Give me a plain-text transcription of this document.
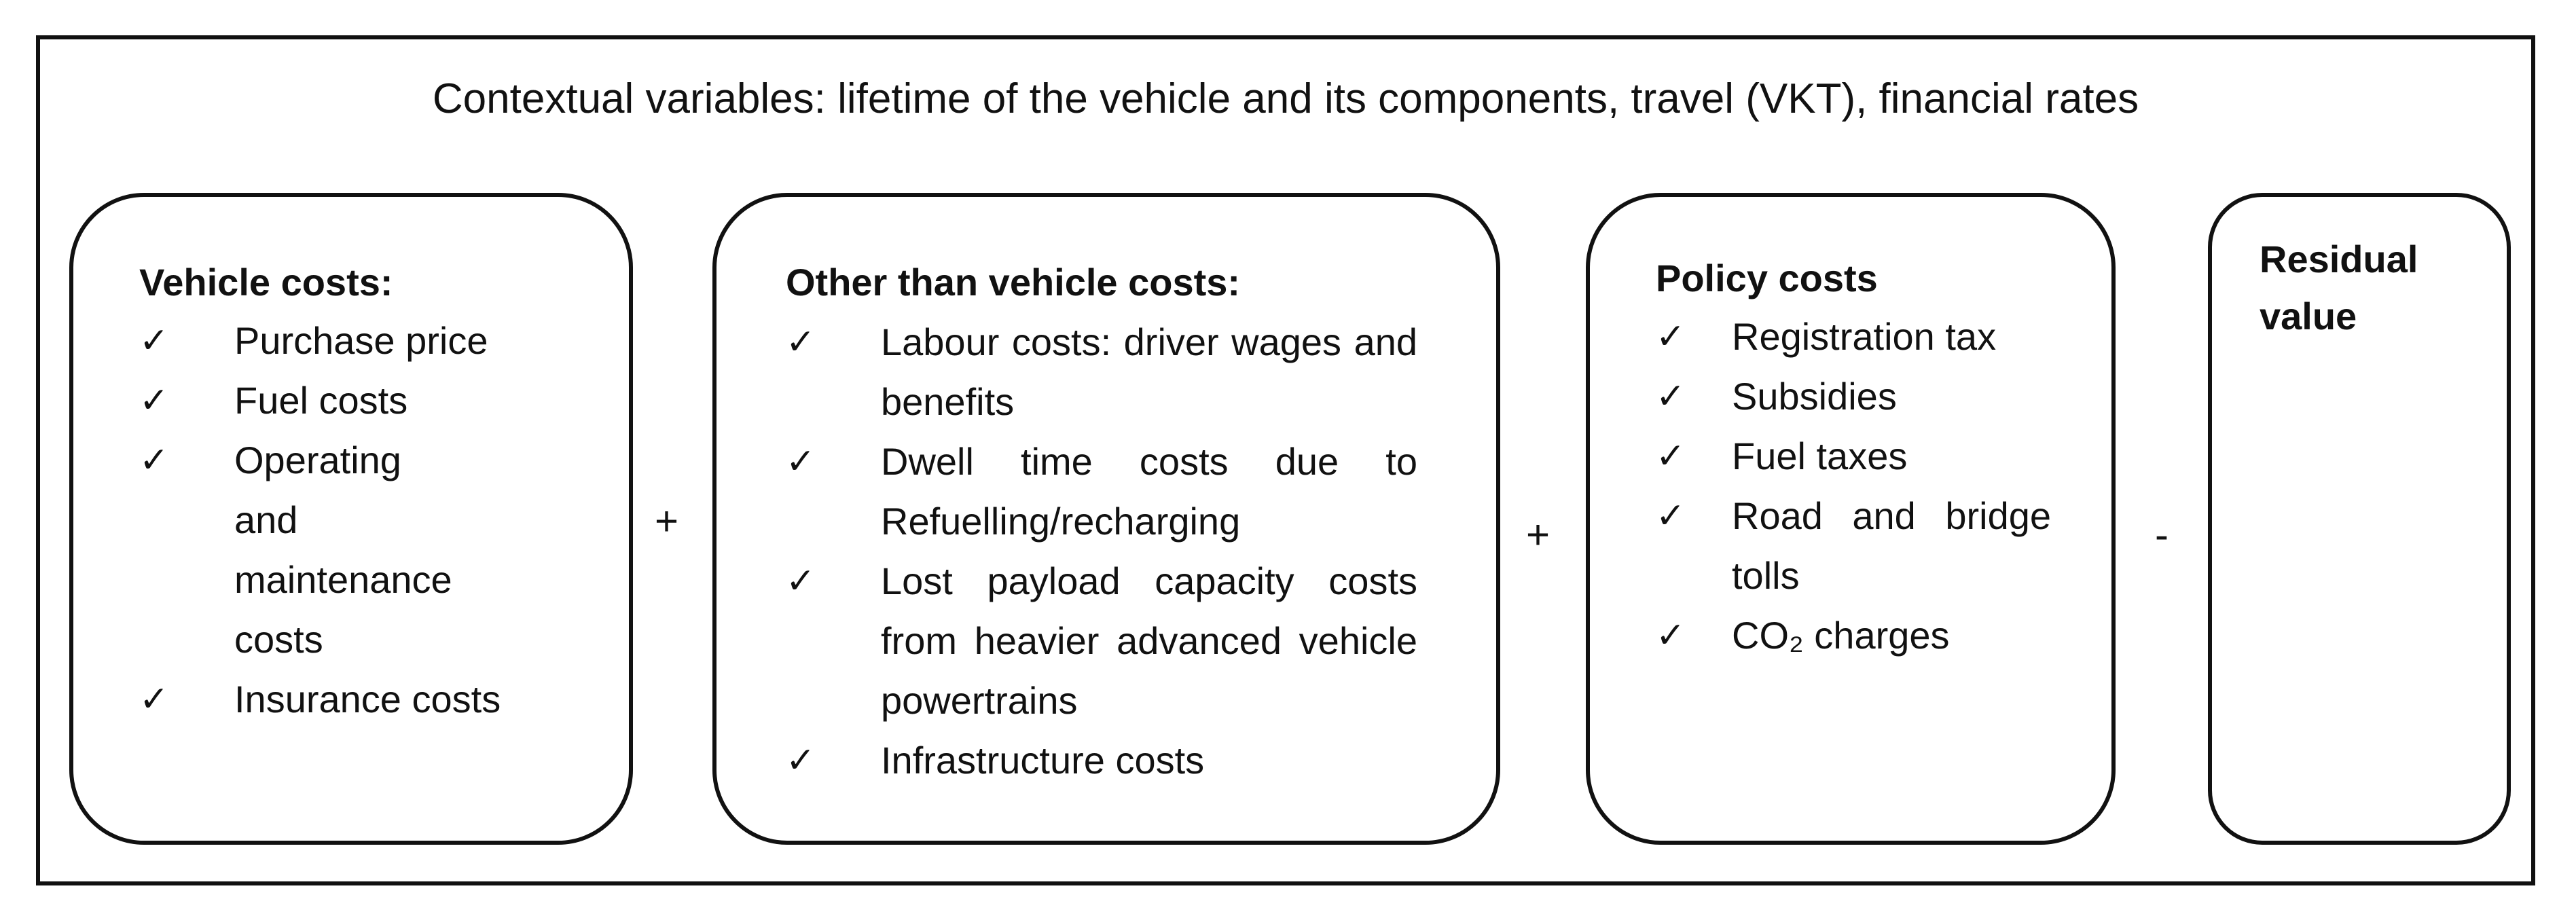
Contextual variables: lifetime of the vehicle and its components, travel (VKT), financial rates
Vehicle costs:
✓ Purchase price
✓ Fuel costs
✓ Operating and maintenance costs
✓ Insurance costs
+
Other than vehicle costs:
✓ Labour costs: driver wages and benefits
✓ Dwell time costs due to Refuelling/recharging
✓ Lost payload capacity costs from heavier advanced vehicle powertrains
✓ Infrastructure costs
+
Policy costs
✓ Registration tax
✓ Subsidies
✓ Fuel taxes
✓ Road and bridge tolls
✓ CO₂ charges
-
Residual value
